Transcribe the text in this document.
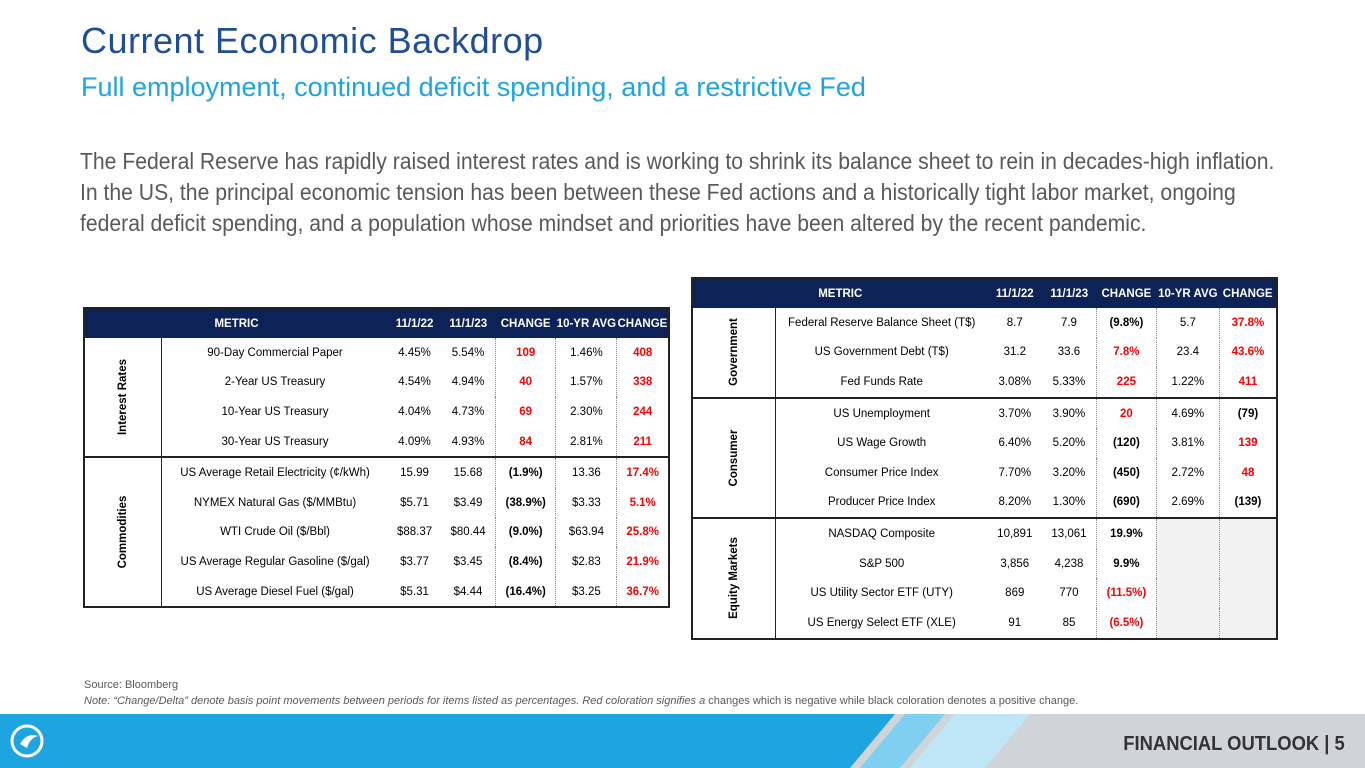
Current Economic Backdrop
Full employment, continued deficit spending, and a restrictive Fed
The Federal Reserve has rapidly raised interest rates and is working to shrink its balance sheet to rein in decades-high inflation. In the US, the principal economic tension has been between these Fed actions and a historically tight labor market, ongoing federal deficit spending, and a population whose mindset and priorities have been altered by the recent pandemic.
METRIC		11/1/22	11/1/23	CHANGE	10-YR AVG	CHANGE

Interest Rates	90-Day Commercial Paper	4.45%	5.54%	109	1.46%	408
	2-Year US Treasury	4.54%	4.94%	40	1.57%	338
	10-Year US Treasury	4.04%	4.73%	69	2.30%	244
	30-Year US Treasury	4.09%	4.93%	84	2.81%	211

Commodities	US Average Retail Electricity (¢/kWh)	15.99	15.68	(1.9%)	13.36	17.4%
	NYMEX Natural Gas ($/MMBtu)	$5.71	$3.49	(38.9%)	$3.33	5.1%
	WTI Crude Oil ($/Bbl)	$88.37	$80.44	(9.0%)	$63.94	25.8%
	US Average Regular Gasoline ($/gal)	$3.77	$3.45	(8.4%)	$2.83	21.9%
	US Average Diesel Fuel ($/gal)	$5.31	$4.44	(16.4%)	$3.25	36.7%
METRIC		11/1/22	11/1/23	CHANGE	10-YR AVG	CHANGE

Government	Federal Reserve Balance Sheet (T$)	8.7	7.9	(9.8%)	5.7	37.8%
	US Government Debt (T$)	31.2	33.6	7.8%	23.4	43.6%
	Fed Funds Rate	3.08%	5.33%	225	1.22%	411

Consumer	US Unemployment	3.70%	3.90%	20	4.69%	(79)
	US Wage Growth	6.40%	5.20%	(120)	3.81%	139
	Consumer Price Index	7.70%	3.20%	(450)	2.72%	48
	Producer Price Index	8.20%	1.30%	(690)	2.69%	(139)

Equity Markets	NASDAQ Composite	10,891	13,061	19.9%		
	S&P 500	3,856	4,238	9.9%		
	US Utility Sector ETF (UTY)	869	770	(11.5%)		
	US Energy Select ETF (XLE)	91	85	(6.5%)		
Source: Bloomberg
Note: “Change/Delta” denote basis point movements between periods for items listed as percentages. Red coloration signifies a changes which is negative while black coloration denotes a positive change.
FINANCIAL OUTLOOK | 5
